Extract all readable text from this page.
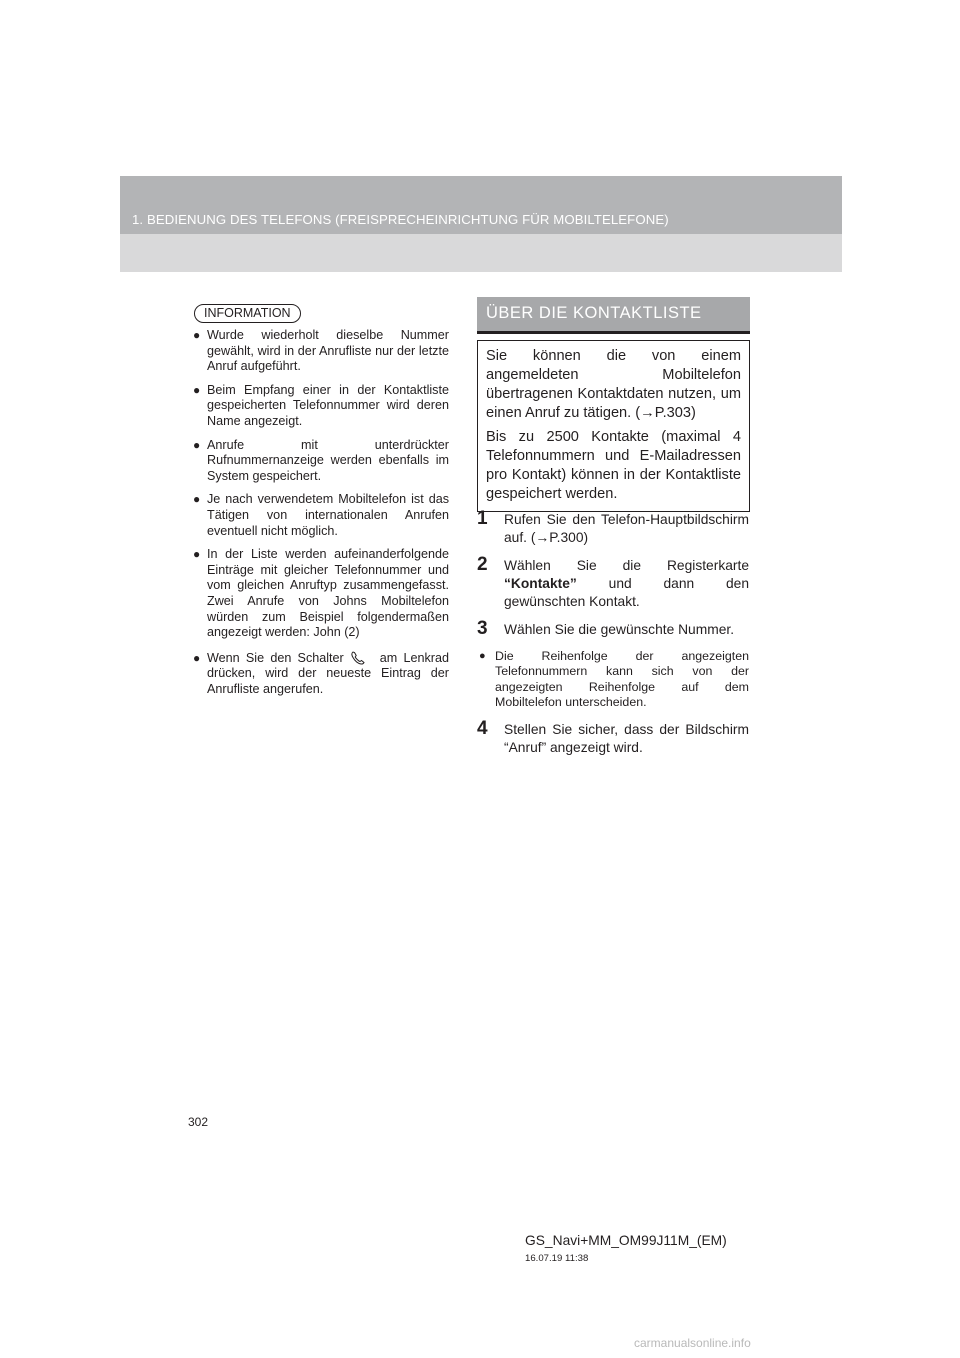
1. BEDIENUNG DES TELEFONS (FREISPRECHEINRICHTUNG FÜR MOBILTELEFONE)
INFORMATION
● Wurde wiederholt dieselbe Nummer gewählt, wird in der Anrufliste nur der letzte Anruf aufgeführt.
● Beim Empfang einer in der Kontaktliste gespeicherten Telefonnummer wird deren Name angezeigt.
● Anrufe mit unterdrückter Rufnummernanzeige werden ebenfalls im System gespeichert.
● Je nach verwendetem Mobiltelefon ist das Tätigen von internationalen Anrufen eventuell nicht möglich.
● In der Liste werden aufeinanderfolgende Einträge mit gleicher Telefonnummer und vom gleichen Anruftyp zusammengefasst. Zwei Anrufe von Johns Mobiltelefon würden zum Beispiel folgendermaßen angezeigt werden: John (2)
● Wenn Sie den Schalter	am Lenkrad drücken, wird der neueste Eintrag der Anrufliste angerufen.
ÜBER DIE KONTAKTLISTE

Sie können die von einem angemeldeten Mobiltelefon übertragenen Kontaktdaten nutzen, um einen Anruf zu tätigen. (→P.303)

Bis zu 2500 Kontakte (maximal 4 Telefonnummern und E-Mailadressen pro Kontakt) können in der Kontaktliste gespeichert werden.

1 Rufen Sie den Telefon-Hauptbildschirm auf. (→P.300)
2 Wählen Sie die Registerkarte “Kontakte” und dann den gewünschten Kontakt.
3 Wählen Sie die gewünschte Nummer.
● Die Reihenfolge der angezeigten Telefonnummern kann sich von der angezeigten Reihenfolge auf dem Mobiltelefon unterscheiden.
4 Stellen Sie sicher, dass der Bildschirm “Anruf” angezeigt wird.
302
GS_Navi+MM_OM99J11M_(EM)
16.07.19 11:38
carmanualsonline.info
